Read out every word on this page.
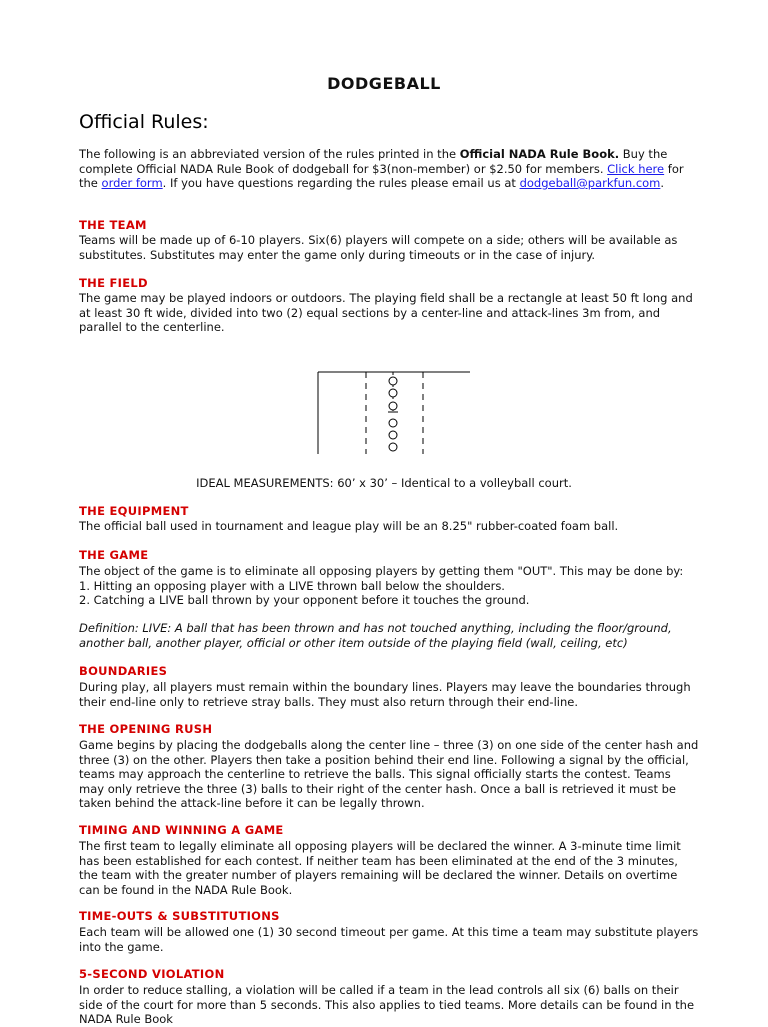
DODGEBALL
Official Rules:

The following is an abbreviated version of the rules printed in the Official NADA Rule Book. Buy the complete Official NADA Rule Book of dodgeball for $3(non-member) or $2.50 for members. Click here for the order form. If you have questions regarding the rules please email us at dodgeball@parkfun.com.

THE TEAM

Teams will be made up of 6-10 players. Six(6) players will compete on a side; others will be available as substitutes. Substitutes may enter the game only during timeouts or in the case of injury.

THE FIELD

The game may be played indoors or outdoors. The playing field shall be a rectangle at least 50 ft long and at least 30 ft wide, divided into two (2) equal sections by a center-line and attack-lines 3m from, and parallel to the centerline.

IDEAL MEASUREMENTS: 60’ x 30’ – Identical to a volleyball court.
THE EQUIPMENT

The official ball used in tournament and league play will be an 8.25" rubber-coated foam ball.

THE GAME

The object of the game is to eliminate all opposing players by getting them "OUT". This may be done by:

1. Hitting an opposing player with a LIVE thrown ball below the shoulders.
2. Catching a LIVE ball thrown by your opponent before it touches the ground.

Definition: LIVE: A ball that has been thrown and has not touched anything, including the floor/ground, another ball, another player, official or other item outside of the playing field (wall, ceiling, etc)

BOUNDARIES

During play, all players must remain within the boundary lines. Players may leave the boundaries through their end-line only to retrieve stray balls. They must also return through their end-line.

THE OPENING RUSH

Game begins by placing the dodgeballs along the center line – three (3) on one side of the center hash and three (3) on the other. Players then take a position behind their end line. Following a signal by the official, teams may approach the centerline to retrieve the balls. This signal officially starts the contest. Teams may only retrieve the three (3) balls to their right of the center hash. Once a ball is retrieved it must be taken behind the attack-line before it can be legally thrown.

TIMING AND WINNING A GAME

The first team to legally eliminate all opposing players will be declared the winner. A 3-minute time limit has been established for each contest. If neither team has been eliminated at the end of the 3 minutes, the team with the greater number of players remaining will be declared the winner. Details on overtime can be found in the NADA Rule Book.

TIME-OUTS & SUBSTITUTIONS

Each team will be allowed one (1) 30 second timeout per game. At this time a team may substitute players into the game.

5-SECOND VIOLATION

In order to reduce stalling, a violation will be called if a team in the lead controls all six (6) balls on their side of the court for more than 5 seconds. This also applies to tied teams. More details can be found in the NADA Rule Book
